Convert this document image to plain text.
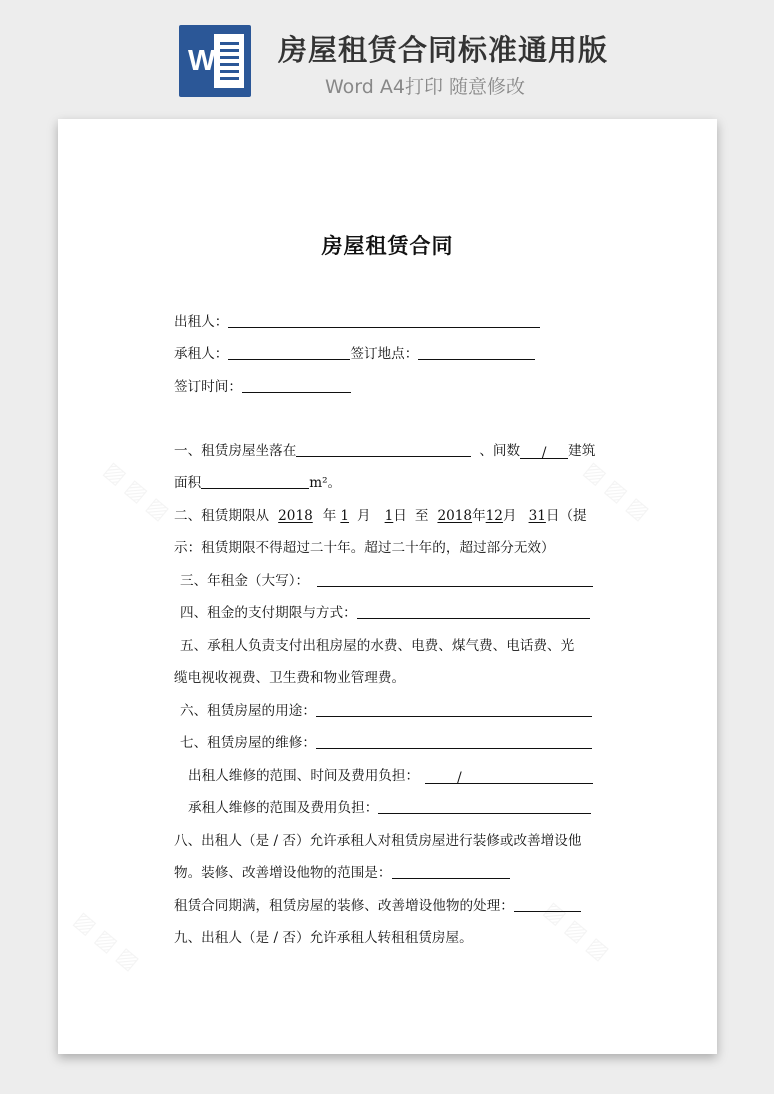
W 房屋租赁合同标准通用版
Word A4打印 随意修改
房屋租赁合同
出租人：
承租人：	签订地点：
签订时间：
一、租赁房屋坐落在	、间数 / 建筑
面积	m²。
二、租赁期限从 2018 年 1 月 1日 至 2018年12月 31日（提
示：租赁期限不得超过二十年。超过二十年的，超过部分无效）
三、年租金（大写）：
四、租金的支付期限与方式：
五、承租人负责支付出租房屋的水费、电费、煤气费、电话费、光
缆电视收视费、卫生费和物业管理费。
六、租赁房屋的用途：
七、租赁房屋的维修：
出租人维修的范围、时间及费用负担：	/
承租人维修的范围及费用负担：
八、出租人（是 / 否）允许承租人对租赁房屋进行装修或改善增设他
物。装修、改善增设他物的范围是：
租赁合同期满，租赁房屋的装修、改善增设他物的处理：
九、出租人（是 / 否）允许承租人转租租赁房屋。
